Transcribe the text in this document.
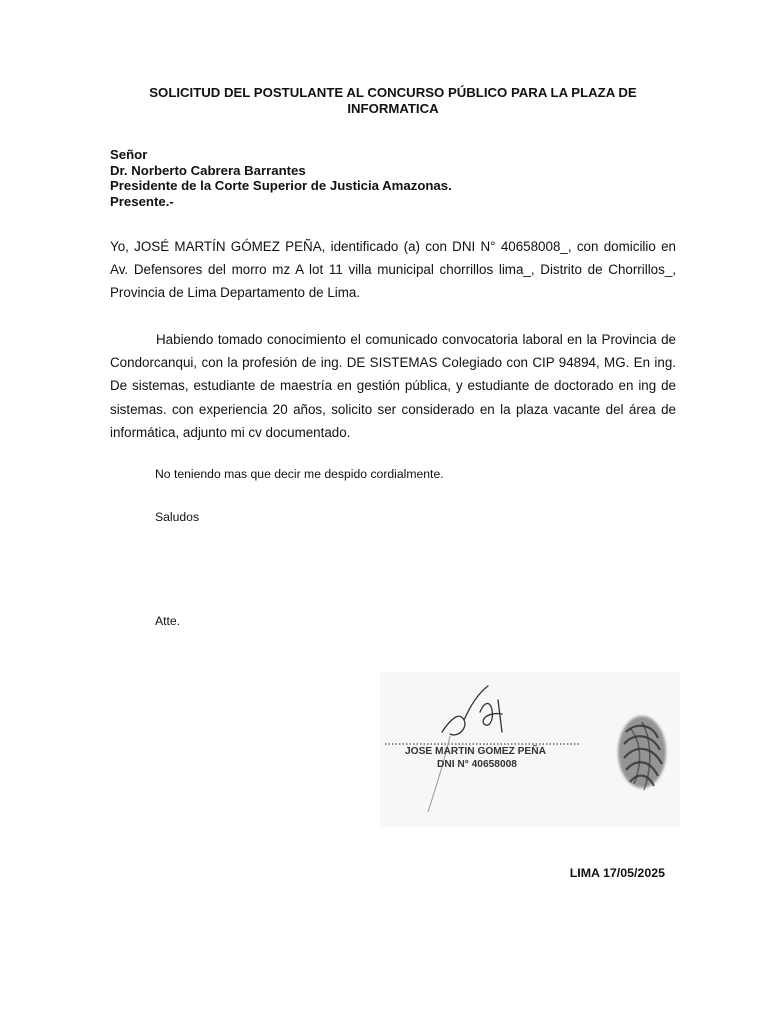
SOLICITUD DEL POSTULANTE AL CONCURSO PÚBLICO PARA LA PLAZA DE
INFORMATICA
Señor
Dr. Norberto Cabrera Barrantes
Presidente de la Corte Superior de Justicia Amazonas.
Presente.-
Yo, JOSÉ MARTÍN GÓMEZ PEÑA, identificado (a) con DNI N° 40658008_, con domicilio en Av. Defensores del morro mz A lot 11 villa municipal chorrillos lima_, Distrito de Chorrillos_, Provincia de Lima Departamento de Lima.
Habiendo tomado conocimiento el comunicado convocatoria laboral en la Provincia de Condorcanqui, con la profesión de ing. DE SISTEMAS Colegiado con CIP 94894, MG. En ing. De sistemas, estudiante de maestría en gestión pública, y estudiante de doctorado en ing de sistemas. con experiencia 20 años, solicito ser considerado en la plaza vacante del área de informática, adjunto mi cv documentado.
No teniendo mas que decir me despido cordialmente.
Saludos
Atte.
JOSE MARTIN GOMEZ PEÑA
DNI N° 40658008
LIMA 17/05/2025
